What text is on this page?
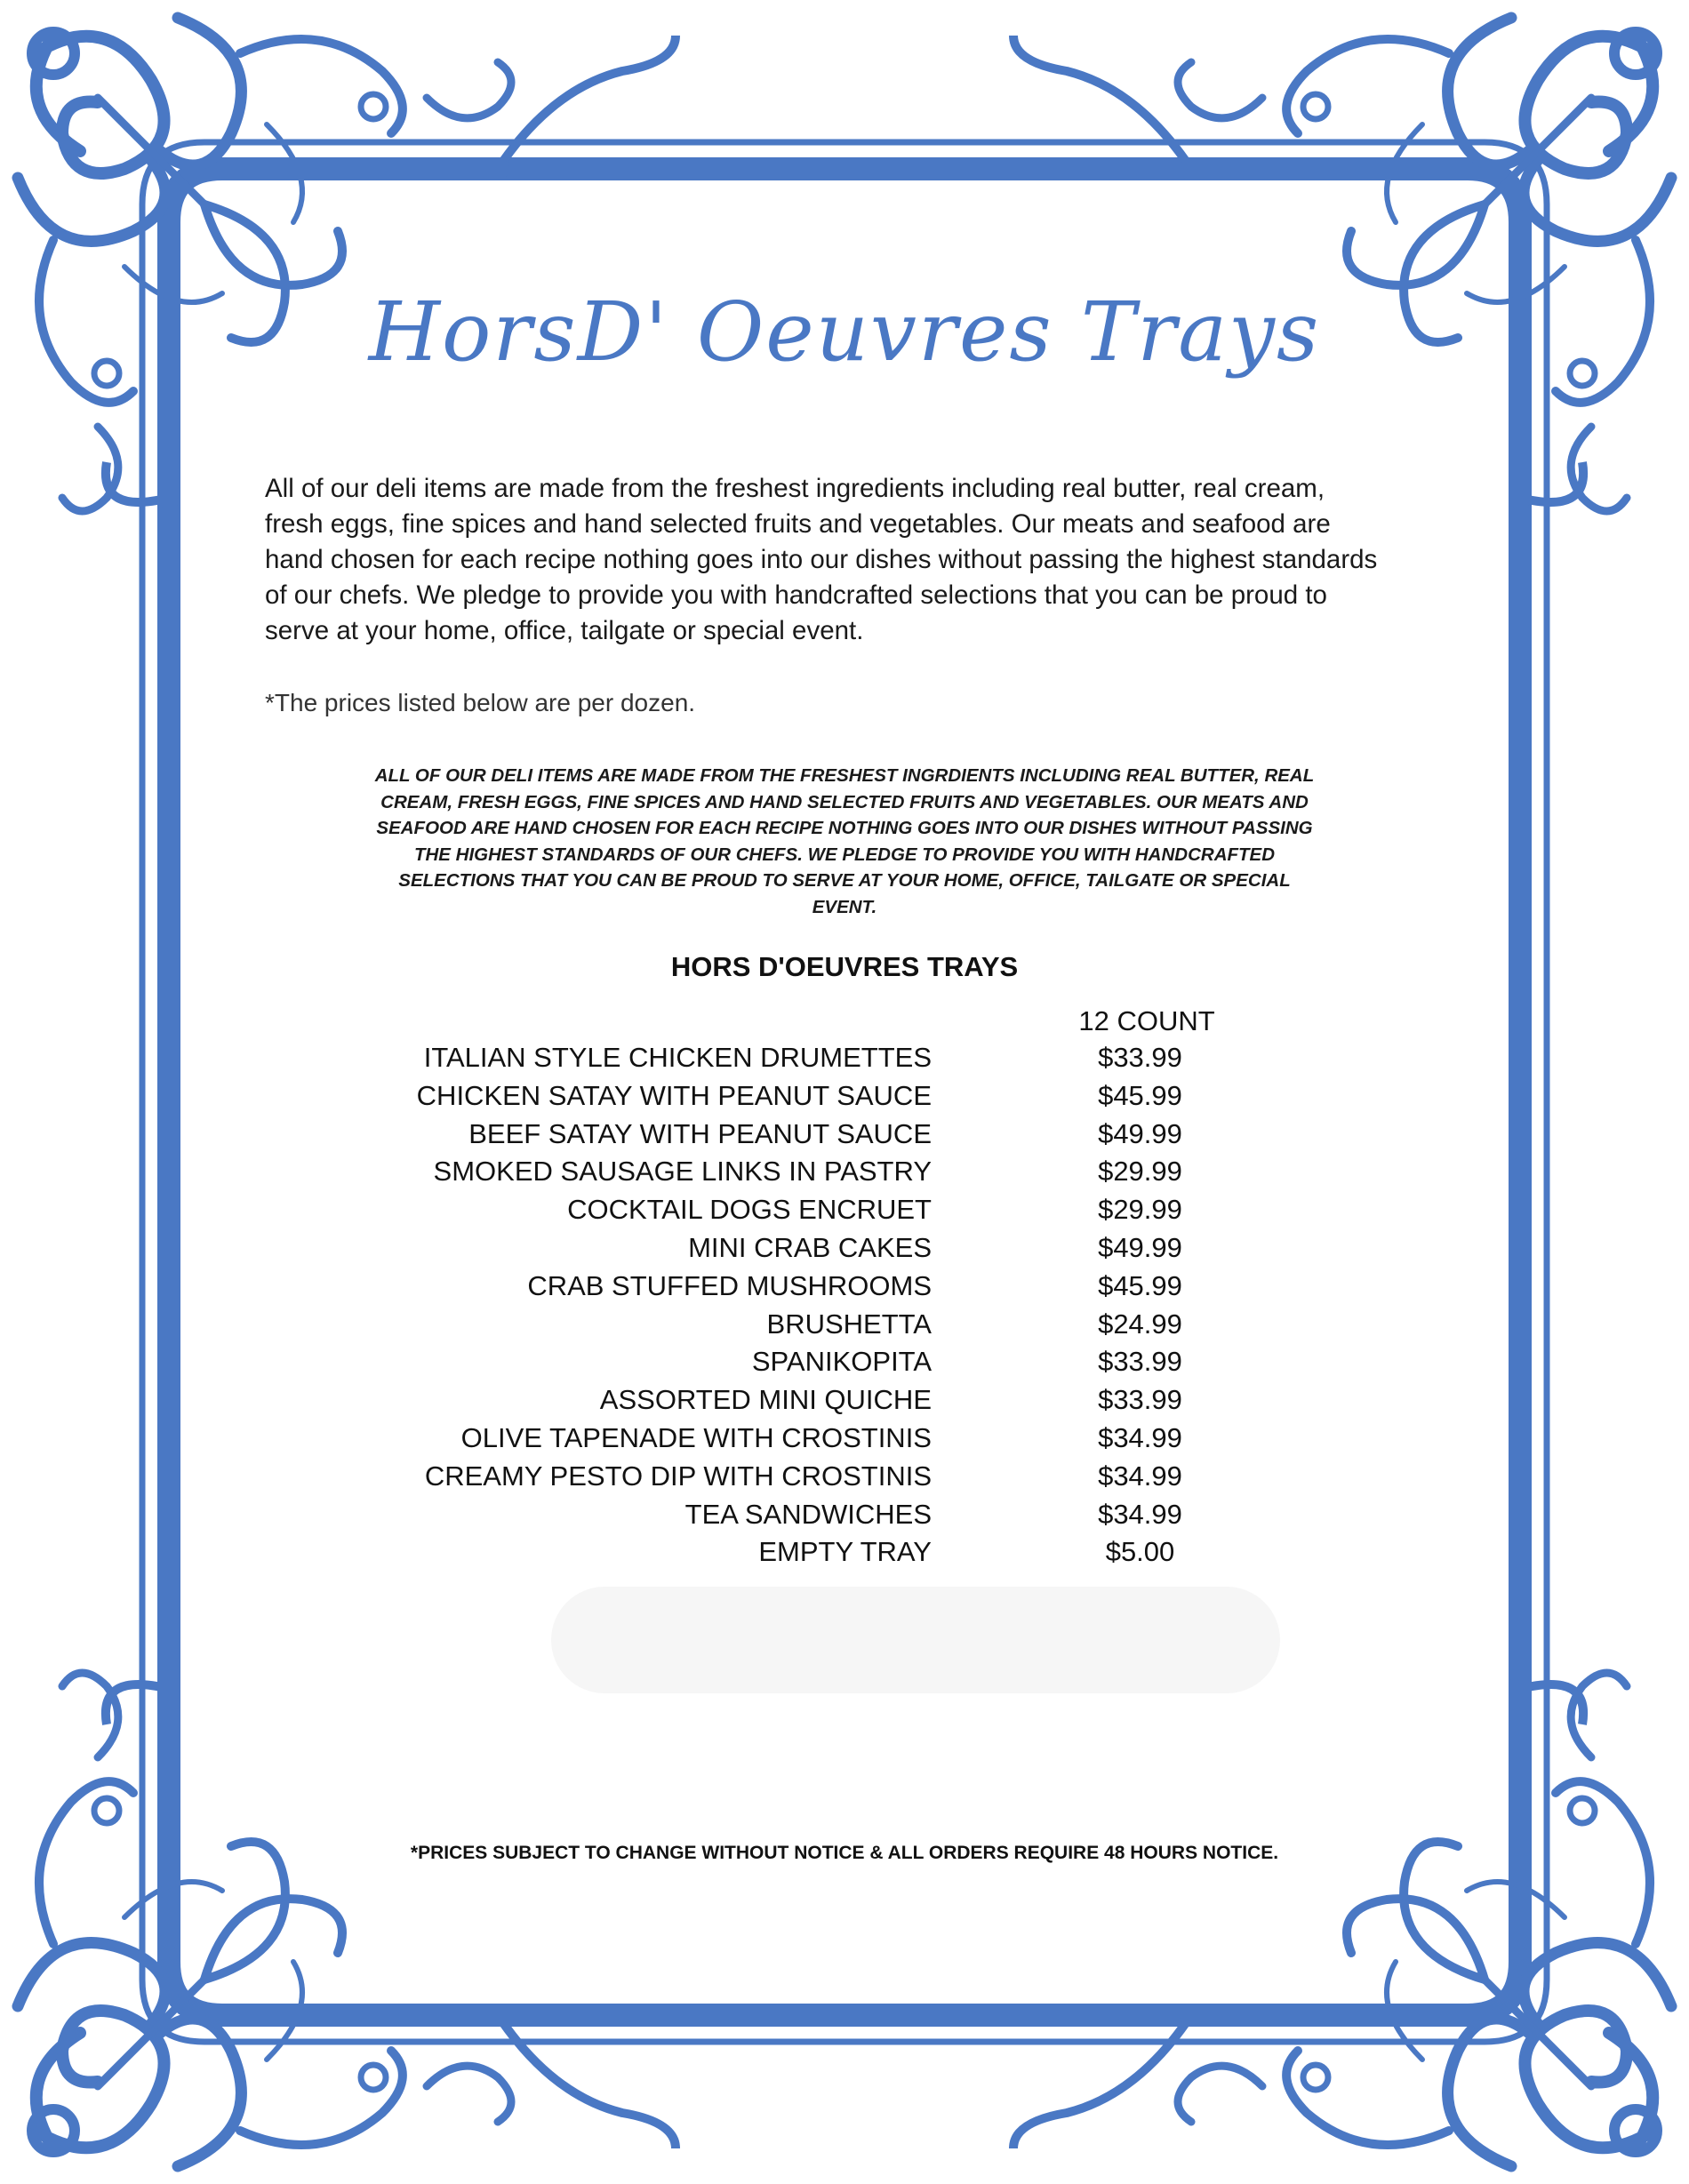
HorsD' Oeuvres Trays
All of our deli items are made from the freshest ingredients including real butter, real cream,
fresh eggs, fine spices and hand selected fruits and vegetables. Our meats and seafood are
hand chosen for each recipe nothing goes into our dishes without passing the highest standards
of our chefs. We pledge to provide you with handcrafted selections that you can be proud to
serve at your home, office, tailgate or special event.
*The prices listed below are per dozen.
ALL OF OUR DELI ITEMS ARE MADE FROM THE FRESHEST INGRDIENTS INCLUDING REAL BUTTER, REAL
CREAM, FRESH EGGS, FINE SPICES AND HAND SELECTED FRUITS AND VEGETABLES. OUR MEATS AND
SEAFOOD ARE HAND CHOSEN FOR EACH RECIPE NOTHING GOES INTO OUR DISHES WITHOUT PASSING
THE HIGHEST STANDARDS OF OUR CHEFS. WE PLEDGE TO PROVIDE YOU WITH HANDCRAFTED
SELECTIONS THAT YOU CAN BE PROUD TO SERVE AT YOUR HOME, OFFICE, TAILGATE OR SPECIAL
EVENT.
HORS D'OEUVRES TRAYS
12 COUNT
ITALIAN STYLE CHICKEN DRUMETTES	$33.99
CHICKEN SATAY WITH PEANUT SAUCE	$45.99
BEEF SATAY WITH PEANUT SAUCE	$49.99
SMOKED SAUSAGE LINKS IN PASTRY	$29.99
COCKTAIL DOGS ENCRUET	$29.99
MINI CRAB CAKES	$49.99
CRAB STUFFED MUSHROOMS	$45.99
BRUSHETTA	$24.99
SPANIKOPITA	$33.99
ASSORTED MINI QUICHE	$33.99
OLIVE TAPENADE WITH CROSTINIS	$34.99
CREAMY PESTO DIP WITH CROSTINIS	$34.99
TEA SANDWICHES	$34.99
EMPTY TRAY	$5.00
*PRICES SUBJECT TO CHANGE WITHOUT NOTICE & ALL ORDERS REQUIRE 48 HOURS NOTICE.
